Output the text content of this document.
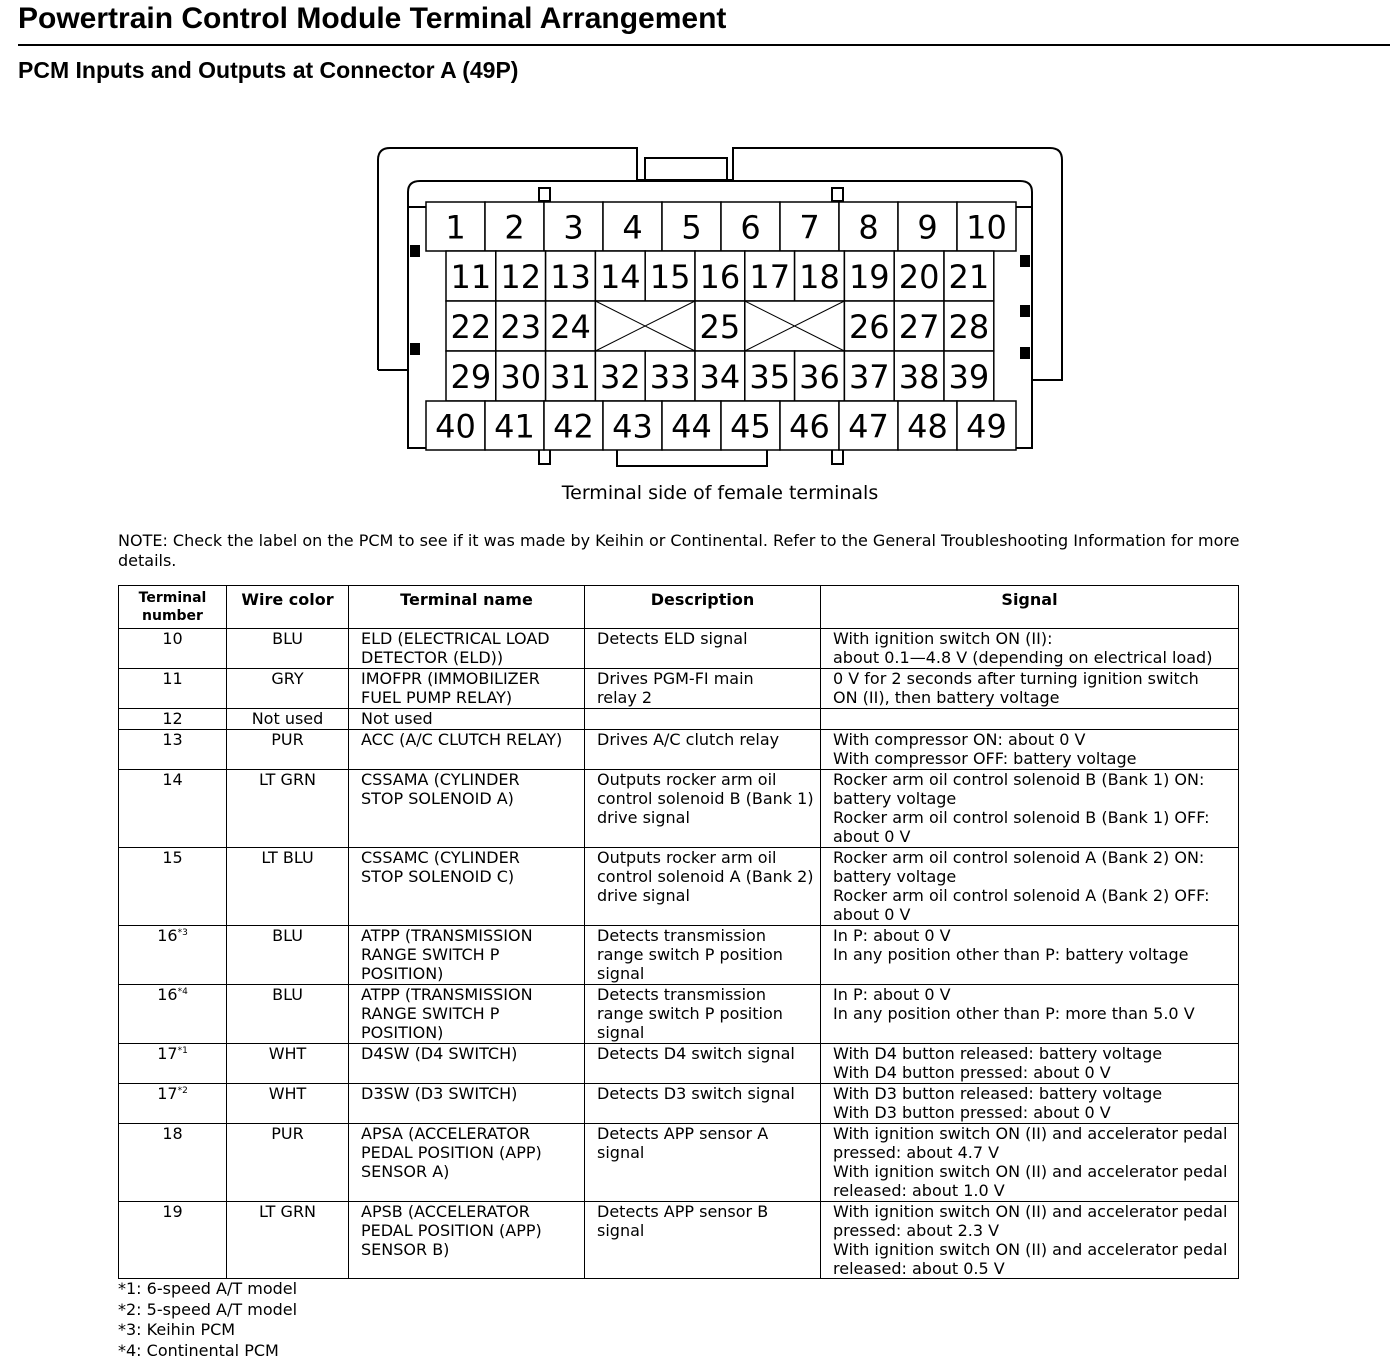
Powertrain Control Module Terminal Arrangement
PCM Inputs and Outputs at Connector A (49P)
1 2 3 4 5 6 7 8 9 10
11 12 13 14 15 16 17 18 19 20 21
22 23 24	25	26 27 28
29 30 31 32 33 34 35 36 37 38 39
40 41 42 43 44 45 46 47 48 49
Terminal side of female terminals
NOTE: Check the label on the PCM to see if it was made by Keihin or Continental. Refer to the General Troubleshooting Information for more details.
Terminal
number	Wire color	Terminal name	Description	Signal
10	BLU	ELD (ELECTRICAL LOAD
DETECTOR (ELD))	Detects ELD signal	With ignition switch ON (II):
about 0.1—4.8 V (depending on electrical load)

11	GRY	IMOFPR (IMMOBILIZER
FUEL PUMP RELAY)	Drives PGM-FI main
relay 2	0 V for 2 seconds after turning ignition switch
ON (II), then battery voltage

12	Not used	Not used		

13	PUR	ACC (A/C CLUTCH RELAY)	Drives A/C clutch relay	With compressor ON: about 0 V
With compressor OFF: battery voltage

14	LT GRN	CSSAMA (CYLINDER
STOP SOLENOID A)	Outputs rocker arm oil
control solenoid B (Bank 1)
drive signal	Rocker arm oil control solenoid B (Bank 1) ON:
battery voltage
Rocker arm oil control solenoid B (Bank 1) OFF:
about 0 V

15	LT BLU	CSSAMC (CYLINDER
STOP SOLENOID C)	Outputs rocker arm oil
control solenoid A (Bank 2)
drive signal	Rocker arm oil control solenoid A (Bank 2) ON:
battery voltage
Rocker arm oil control solenoid A (Bank 2) OFF:
about 0 V

16$^{*3}$	BLU	ATPP (TRANSMISSION
RANGE SWITCH P
POSITION)	Detects transmission
range switch P position
signal	In P: about 0 V
In any position other than P: battery voltage

16$^{*4}$	BLU	ATPP (TRANSMISSION
RANGE SWITCH P
POSITION)	Detects transmission
range switch P position
signal	In P: about 0 V
In any position other than P: more than 5.0 V

17$^{*1}$	WHT	D4SW (D4 SWITCH)	Detects D4 switch signal	With D4 button released: battery voltage
With D4 button pressed: about 0 V

17$^{*2}$	WHT	D3SW (D3 SWITCH)	Detects D3 switch signal	With D3 button released: battery voltage
With D3 button pressed: about 0 V

18	PUR	APSA (ACCELERATOR
PEDAL POSITION (APP)
SENSOR A)	Detects APP sensor A
signal	With ignition switch ON (II) and accelerator pedal
pressed: about 4.7 V
With ignition switch ON (II) and accelerator pedal
released: about 1.0 V

19	LT GRN	APSB (ACCELERATOR
PEDAL POSITION (APP)
SENSOR B)	Detects APP sensor B
signal	With ignition switch ON (II) and accelerator pedal
pressed: about 2.3 V
With ignition switch ON (II) and accelerator pedal
released: about 0.5 V
*1: 6-speed A/T model
*2: 5-speed A/T model
*3: Keihin PCM
*4: Continental PCM
